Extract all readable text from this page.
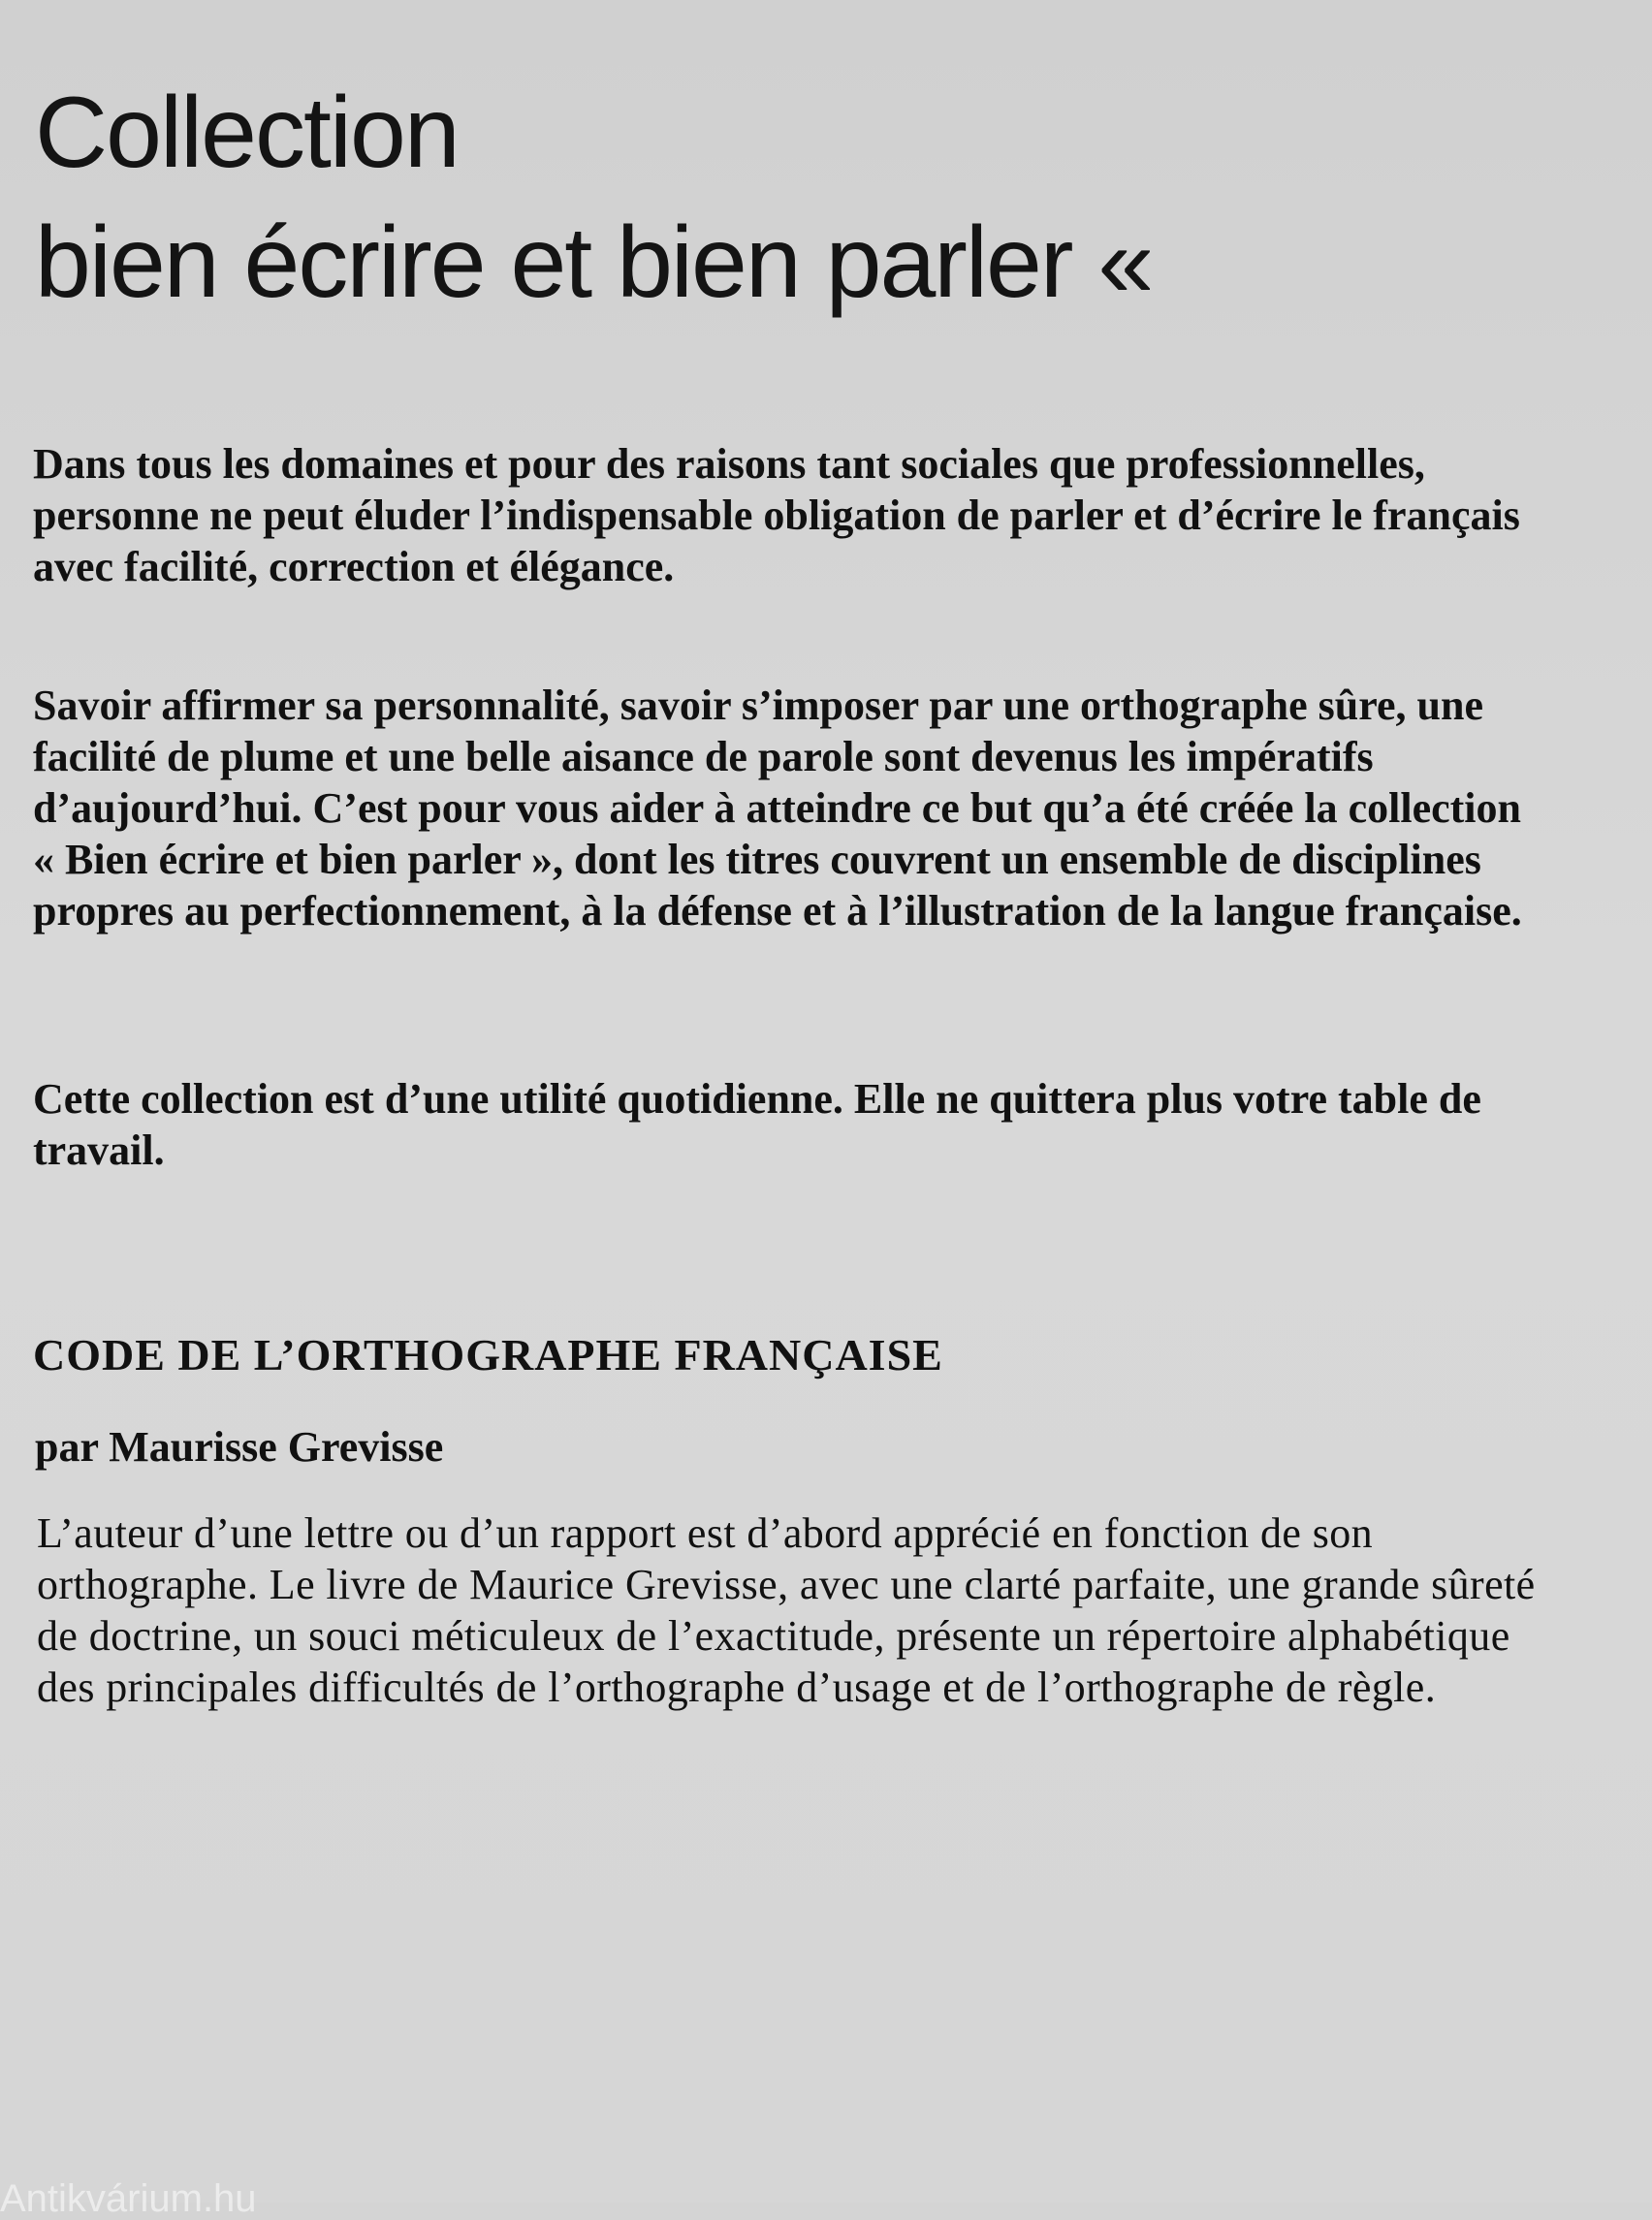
Collection
bien écrire et bien parler «

Dans tous les domaines et pour des raisons tant sociales que professionnelles, personne ne peut éluder l’indispensable obligation de parler et d’écrire le français avec facilité, correction et élégance.

Savoir affirmer sa personnalité, savoir s’imposer par une orthographe sûre, une facilité de plume et une belle aisance de parole sont devenus les impératifs d’aujourd’hui. C’est pour vous aider à atteindre ce but qu’a été créée la collection « Bien écrire et bien parler », dont les titres couvrent un ensemble de disciplines propres au perfectionnement, à la défense et à l’illustration de la langue française.

Cette collection est d’une utilité quotidienne. Elle ne quittera plus votre table de travail.

CODE DE L’ORTHOGRAPHE FRANÇAISE

par Maurisse Grevisse

L’auteur d’une lettre ou d’un rapport est d’abord apprécié en fonction de son orthographe. Le livre de Maurice Grevisse, avec une clarté parfaite, une grande sûreté de doctrine, un souci méticuleux de l’exactitude, présente un répertoire alphabétique des principales difficultés de l’orthographe d’usage et de l’orthographe de règle.

Antikvárium.hu
